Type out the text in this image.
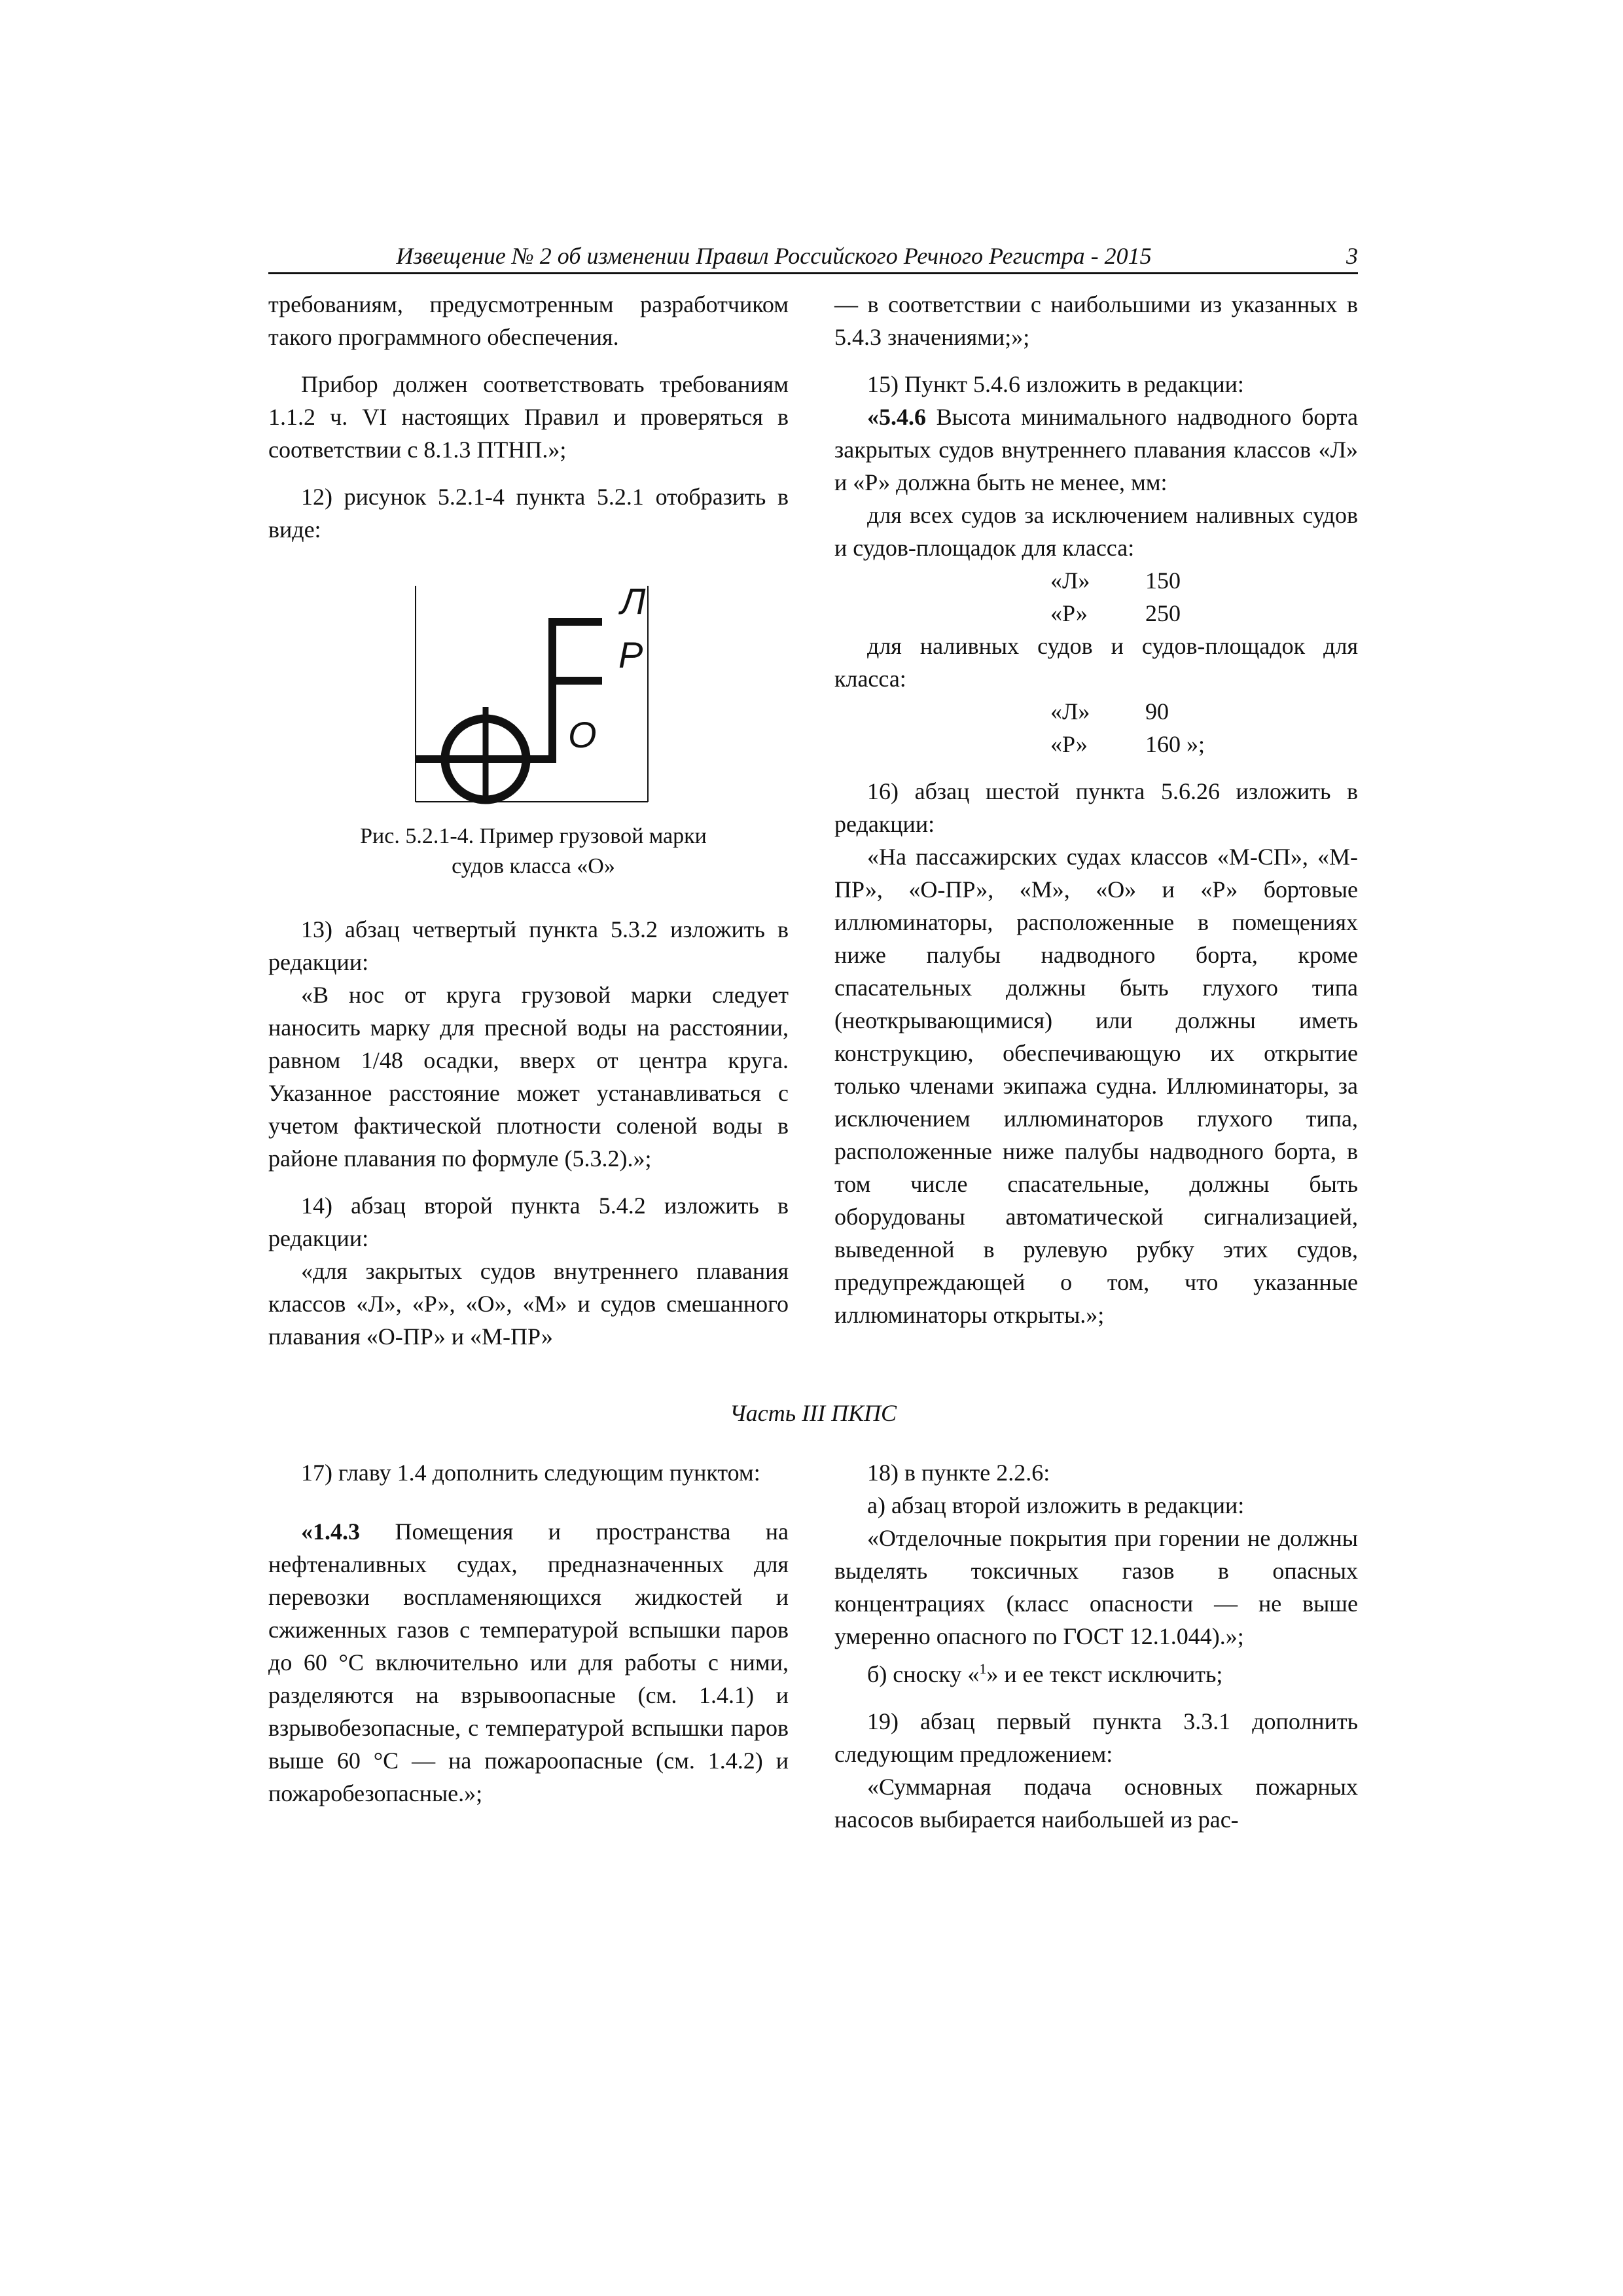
Извещение № 2 об изменении Правил Российского Речного Регистра - 2015	3

требованиям, предусмотренным разработчиком такого программного обеспечения.

Прибор должен соответствовать требованиям 1.1.2 ч. VI настоящих Правил и проверяться в соответствии с 8.1.3 ПТНП.»;

12) рисунок 5.2.1-4 пункта 5.2.1 отобразить в виде:

Л
Р
О
Рис. 5.2.1-4. Пример грузовой марки
судов класса «О»

13) абзац четвертый пункта 5.3.2 изложить в редакции:

«В нос от круга грузовой марки следует наносить марку для пресной воды на расстоянии, равном 1/48 осадки, вверх от центра круга. Указанное расстояние может устанавливаться с учетом фактической плотности соленой воды в районе плавания по формуле (5.3.2).»;

14) абзац второй пункта 5.4.2 изложить в редакции:

«для закрытых судов внутреннего плавания классов «Л», «Р», «О», «М» и судов смешанного плавания «О-ПР» и «М-ПР»

— в соответствии с наибольшими из указанных в 5.4.3 значениями;»;

15) Пункт 5.4.6 изложить в редакции:

«5.4.6 Высота минимального надводного борта закрытых судов внутреннего плавания классов «Л» и «Р» должна быть не менее, мм:

для всех судов за исключением наливных судов и судов-площадок для класса:

«Л» 150
«Р» 250

для наливных судов и судов-площадок для класса:

«Л» 90
«Р» 160 »;

16) абзац шестой пункта 5.6.26 изложить в редакции:

«На пассажирских судах классов «М-СП», «М-ПР», «О-ПР», «М», «О» и «Р» бортовые иллюминаторы, расположенные в помещениях ниже палубы надводного борта, кроме спасательных должны быть глухого типа (неоткрывающимися) или должны иметь конструкцию, обеспечивающую их открытие только членами экипажа судна. Иллюминаторы, за исключением иллюминаторов глухого типа, расположенные ниже палубы надводного борта, в том числе спасательные, должны быть оборудованы автоматической сигнализацией, выведенной в рулевую рубку этих судов, предупреждающей о том, что указанные иллюминаторы открыты.»;

Часть III ПКПС

17) главу 1.4 дополнить следующим пунктом:

«1.4.3 Помещения и пространства на нефтеналивных судах, предназначенных для перевозки воспламеняющихся жидкостей и сжиженных газов с температурой вспышки паров до 60 °C включительно или для работы с ними, разделяются на взрывоопасные (см. 1.4.1) и взрывобезопасные, с температурой вспышки паров выше 60 °C — на пожароопасные (см. 1.4.2) и пожаробезопасные.»;

18) в пункте 2.2.6:

а) абзац второй изложить в редакции:

«Отделочные покрытия при горении не должны выделять токсичных газов в опасных концентрациях (класс опасности — не выше умеренно опасного по ГОСТ 12.1.044).»;

б) сноску «$^1$» и ее текст исключить;

19) абзац первый пункта 3.3.1 дополнить следующим предложением:

«Суммарная подача основных пожарных насосов выбирается наибольшей из рас-
